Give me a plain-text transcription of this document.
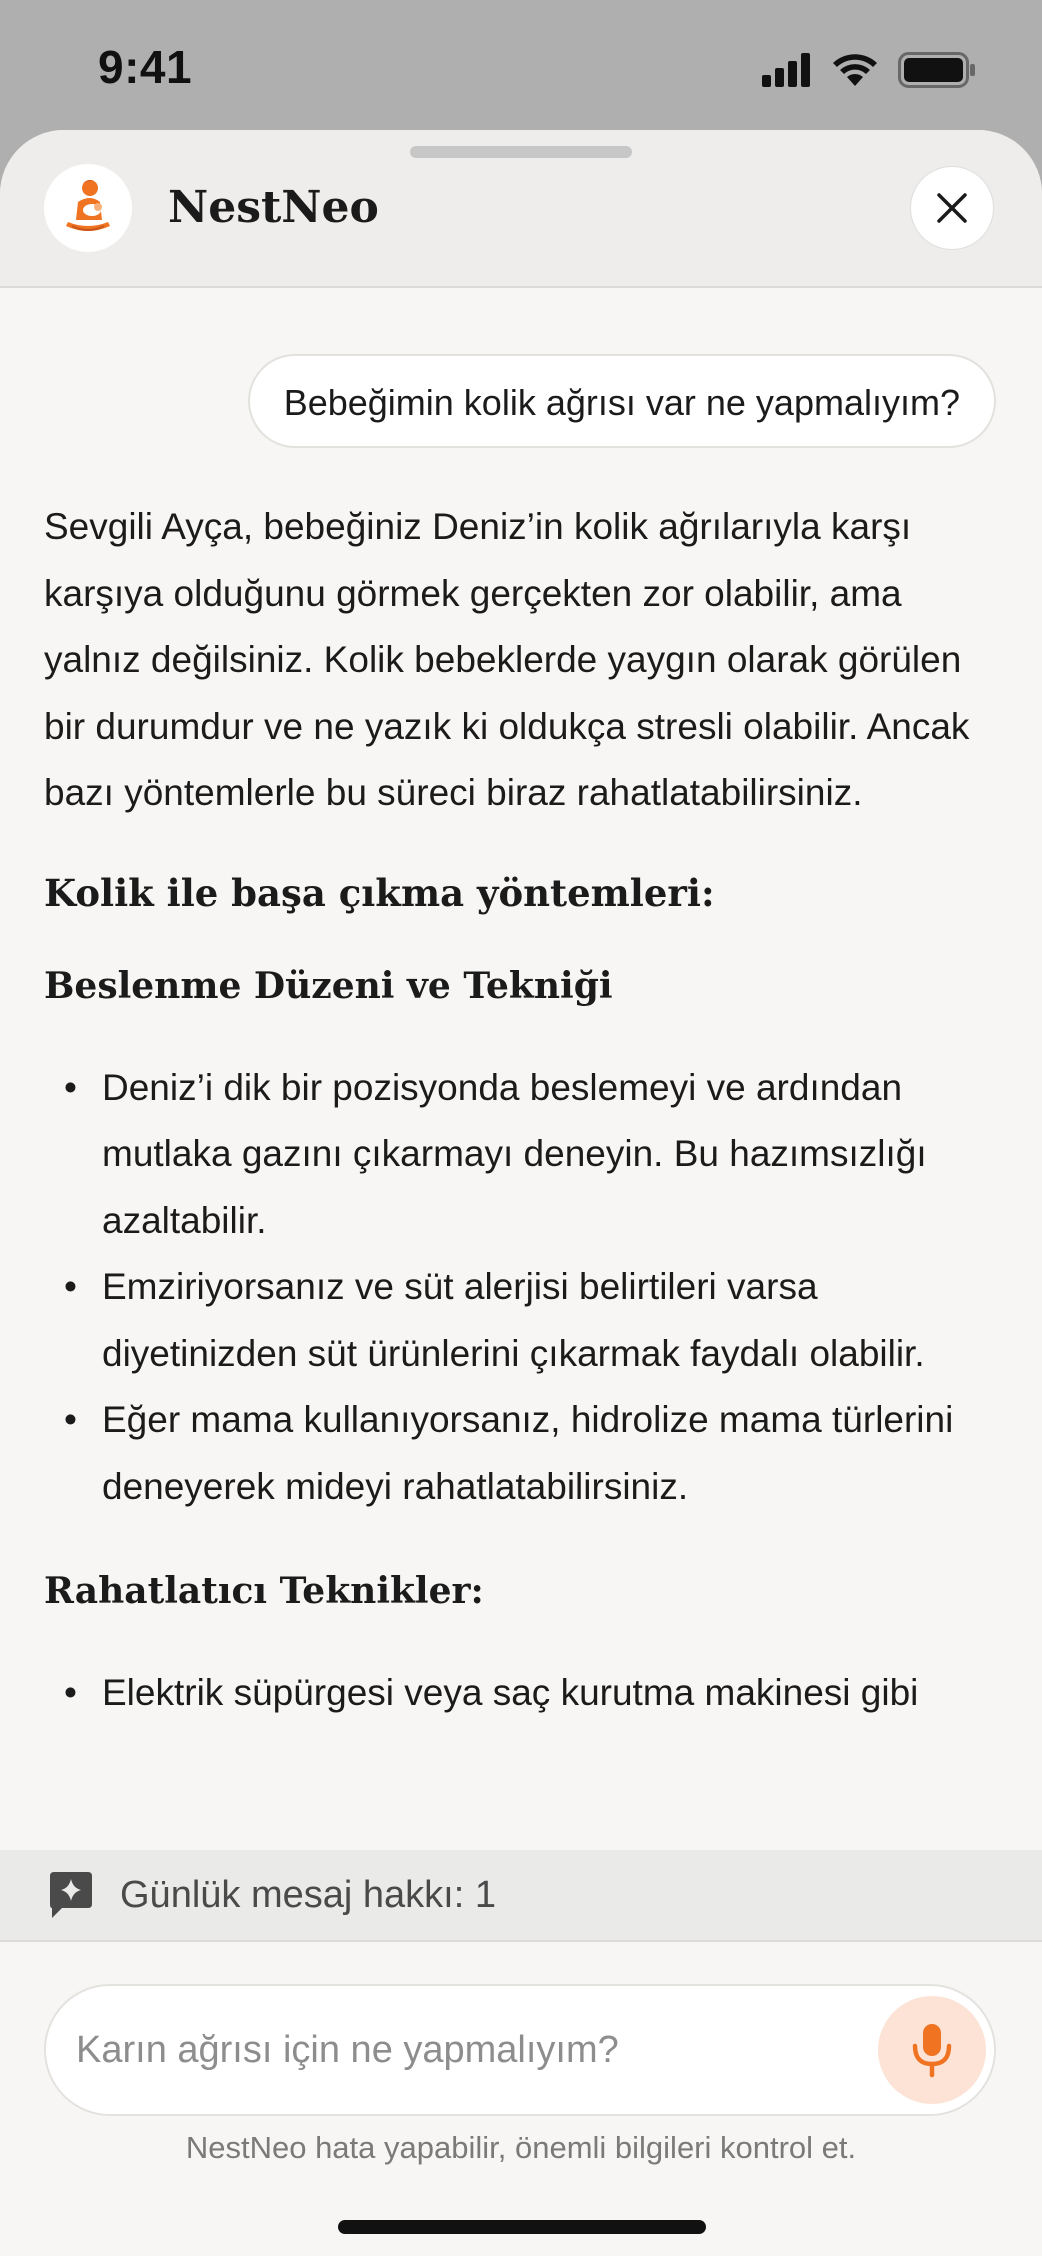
9:41
NestNeo
Bebeğimin kolik ağrısı var ne yapmalıyım?

Sevgili Ayça, bebeğiniz Deniz’in kolik ağrılarıyla karşı karşıya olduğunu görmek gerçekten zor olabilir, ama yalnız değilsiniz. Kolik bebeklerde yaygın olarak görülen bir durumdur ve ne yazık ki oldukça stresli olabilir. Ancak bazı yöntemlerle bu süreci biraz rahatlatabilirsiniz.

Kolik ile başa çıkma yöntemleri:
Beslenme Düzeni ve Tekniği
• Deniz’i dik bir pozisyonda beslemeyi ve ardından mutlaka gazını çıkarmayı deneyin. Bu hazımsızlığı azaltabilir.
• Emziriyorsanız ve süt alerjisi belirtileri varsa diyetinizden süt ürünlerini çıkarmak faydalı olabilir.
• Eğer mama kullanıyorsanız, hidrolize mama türlerini deneyerek mideyi rahatlatabilirsiniz.
Rahatlatıcı Teknikler:
• Elektrik süpürgesi veya saç kurutma makinesi gibi
Günlük mesaj hakkı: 1
Karın ağrısı için ne yapmalıyım?
NestNeo hata yapabilir, önemli bilgileri kontrol et.
